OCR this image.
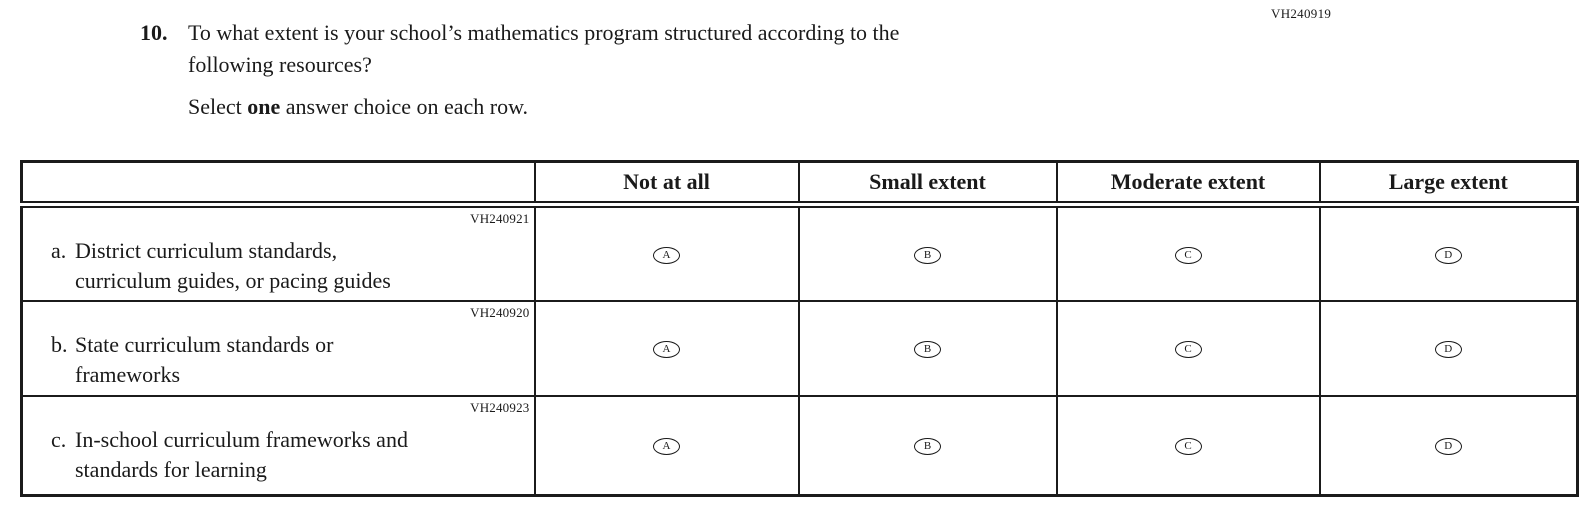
VH240919
10. To what extent is your school’s mathematics program structured according to the
following resources?
Select one answer choice on each row.
	Not at all	Small extent	Moderate extent	Large extent

VH240921
a. District curriculum standards,
curriculum guides, or pacing guides	A	B	C	D

VH240920
b. State curriculum standards or
frameworks	A	B	C	D

VH240923
c. In-school curriculum frameworks and
standards for learning	A	B	C	D
